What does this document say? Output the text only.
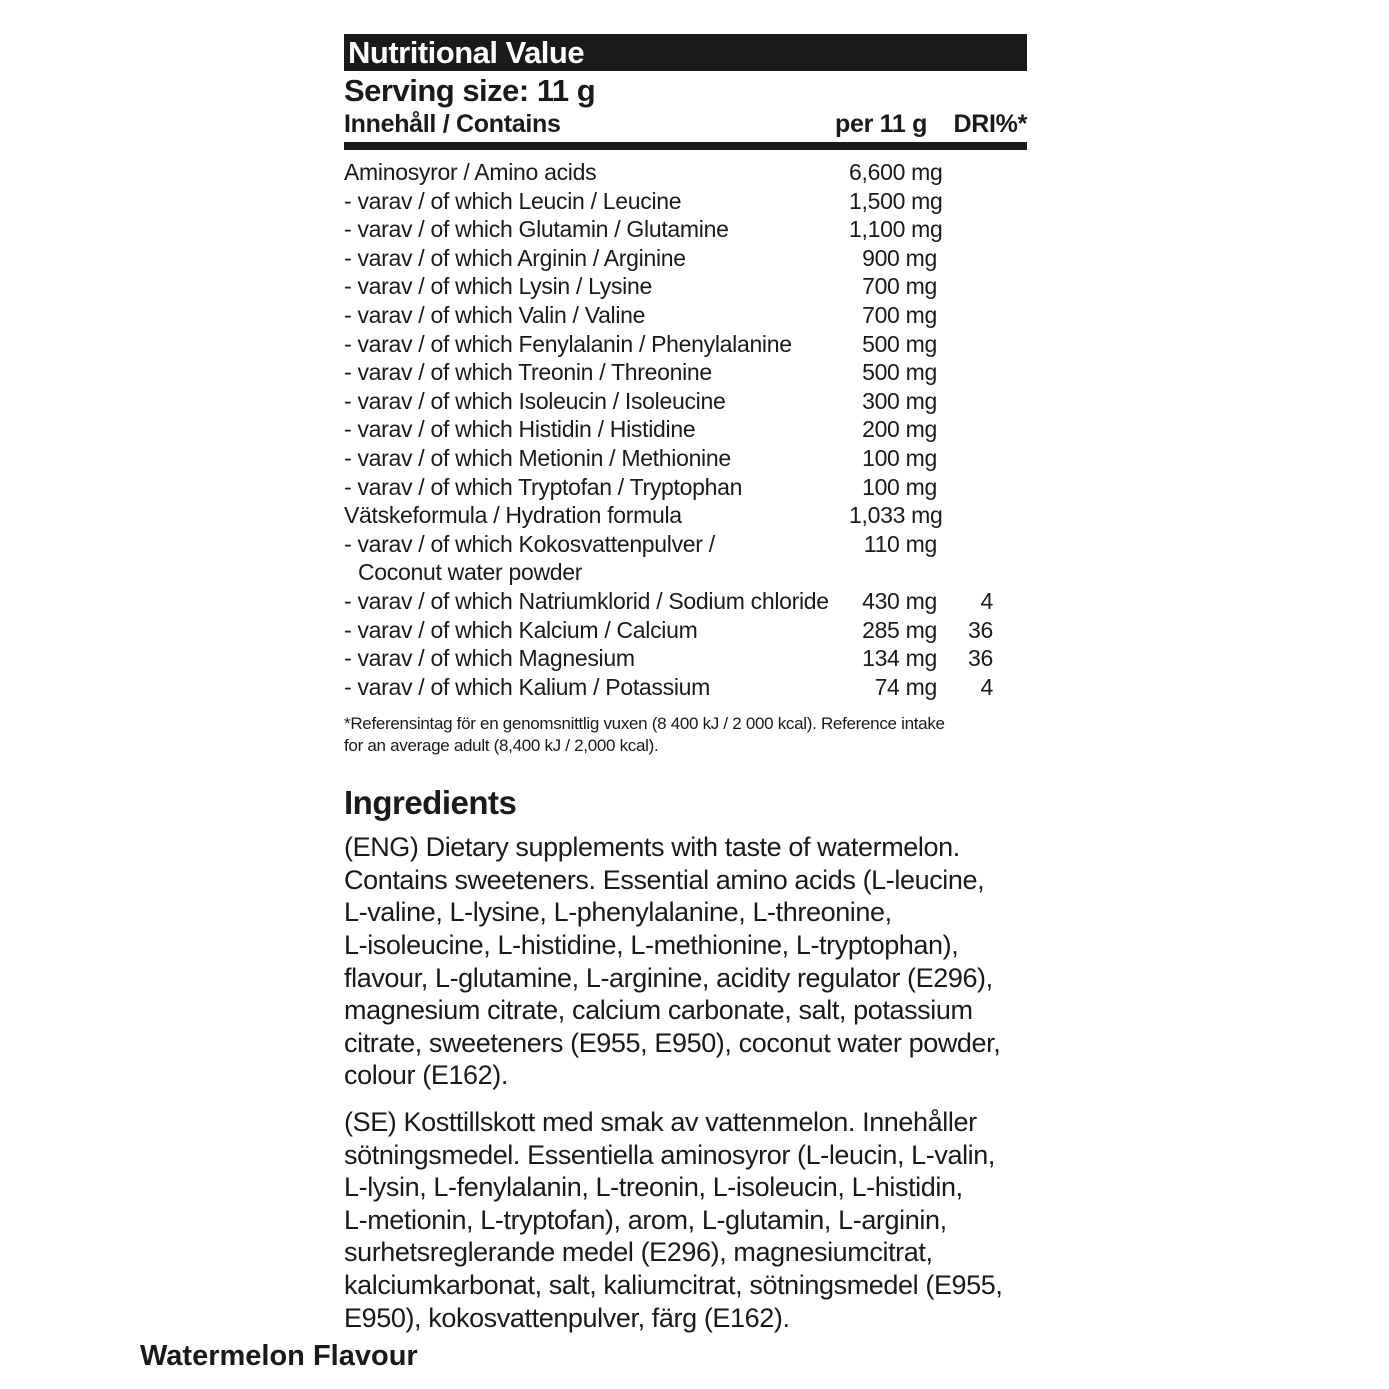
Nutritional Value
Serving size: 11 g
Innehåll / Contains	per 11 g	DRI%*
Aminosyror / Amino acids	6,600 mg
- varav / of which Leucin / Leucine	1,500 mg
- varav / of which Glutamin / Glutamine	1,100 mg
- varav / of which Arginin / Arginine	900 mg
- varav / of which Lysin / Lysine	700 mg
- varav / of which Valin / Valine	700 mg
- varav / of which Fenylalanin / Phenylalanine	500 mg
- varav / of which Treonin / Threonine	500 mg
- varav / of which Isoleucin / Isoleucine	300 mg
- varav / of which Histidin / Histidine	200 mg
- varav / of which Metionin / Methionine	100 mg
- varav / of which Tryptofan / Tryptophan	100 mg
Vätskeformula / Hydration formula	1,033 mg
- varav / of which Kokosvattenpulver /	110 mg
Coconut water powder
- varav / of which Natriumklorid / Sodium chloride	430 mg	4
- varav / of which Kalcium / Calcium	285 mg	36
- varav / of which Magnesium	134 mg	36
- varav / of which Kalium / Potassium	74 mg	4
*Referensintag för en genomsnittlig vuxen (8 400 kJ / 2 000 kcal). Reference intake
for an average adult (8,400 kJ / 2,000 kcal).
Ingredients
(ENG) Dietary supplements with taste of watermelon.
Contains sweeteners. Essential amino acids (L-leucine,
L-valine, L-lysine, L-phenylalanine, L-threonine,
L-isoleucine, L-histidine, L-methionine, L-tryptophan),
flavour, L-glutamine, L-arginine, acidity regulator (E296),
magnesium citrate, calcium carbonate, salt, potassium
citrate, sweeteners (E955, E950), coconut water powder,
colour (E162).
(SE) Kosttillskott med smak av vattenmelon. Innehåller
sötningsmedel. Essentiella aminosyror (L-leucin, L-valin,
L-lysin, L-fenylalanin, L-treonin, L-isoleucin, L-histidin,
L-metionin, L-tryptofan), arom, L-glutamin, L-arginin,
surhetsreglerande medel (E296), magnesiumcitrat,
kalciumkarbonat, salt, kaliumcitrat, sötningsmedel (E955,
E950), kokosvattenpulver, färg (E162).
Watermelon Flavour
